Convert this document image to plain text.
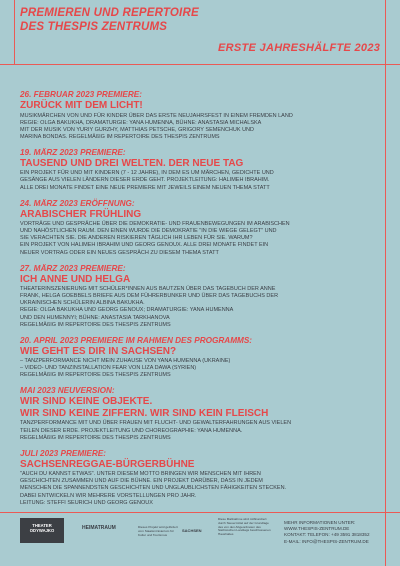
PREMIEREN UND REPERTOIRE

DES THESPIS ZENTRUMS

ERSTE JAHRESHÄLFTE 2023

26. FEBRUAR 2023 PREMIERE:

ZURÜCK MIT DEM LICHT!

MUSIKMÄRCHEN VON UND FÜR KINDER ÜBER DAS ERSTE NEUJAHRSFEST IN EINEM FREMDEN LAND
REGIE: OLGA BAKUKHA, DRAMATURGIE: YANA HUMENNA, BÜHNE: ANASTASIA MICHALSKA
MIT DER MUSIK VON YURIY GURZHY, MATTHIAS PETSCHE, GRIGORY SEMENCHUK UND
MARINA BONDAS. REGELMÄßIG IM REPERTOIRE DES THESPIS ZENTRUMS

19. MÄRZ 2023 PREMIERE:

TAUSEND UND DREI WELTEN. DER NEUE TAG

EIN PROJEKT FÜR UND MIT KINDERN (7 - 12 JAHRE), IN DEM ES UM MÄRCHEN, GEDICHTE UND
GESÄNGE AUS VIELEN LÄNDERN DIESER ERDE GEHT. PROJEKTLEITUNG: HALIMEH IBRAHIM.
ALLE DREI MONATE FINDET EINE NEUE PREMIERE MIT JEWEILS EINEM NEUEN THEMA STATT

24. MÄRZ 2023 ERÖFFNUNG:

ARABISCHER FRÜHLING

VORTRÄGE UND GESPRÄCHE ÜBER DIE DEMOKRATIE- UND FRAUENBEWEGUNGEN IM ARABISCHEN
UND NAHÖSTLICHEN RAUM. DEN EINEN WURDE DIE DEMOKRATIE "IN DIE WIEGE GELEGT" UND
SIE VERACHTEN SIE. DIE ANDEREN RISKIEREN TÄGLICH IHR LEBEN FÜR SIE. WARUM?
EIN PROJEKT VON HALIMEH IBRAHIM UND GEORG GENOUX. ALLE DREI MONATE FINDET EIN
NEUER VORTRAG ODER EIN NEUES GESPRÄCH ZU DIESEM THEMA STATT

27. MÄRZ 2023 PREMIERE:

ICH ANNE UND HELGA

THEATERINSZENIERUNG MIT SCHÜLER*INNEN AUS BAUTZEN ÜBER DAS TAGEBUCH DER ANNE
FRANK, HELGA GOEBBELS BRIEFE AUS DEM FÜHRERBUNKER UND ÜBER DAS TAGEBUCHS DER
UKRAINISCHEN SCHÜLERIN ALBINA BAKUKHA.
REGIE: OLGA BAKUKHA UND GEORG GENOUX; DRAMATURGIE: YANA HUMENNA
UND DEN HUMENNYI; BÜHNE: ANASTASIA TARKHANOVA
REGELMÄßIG IM REPERTOIRE DES THESPIS ZENTRUMS

20. APRIL 2023 PREMIERE IM RAHMEN DES PROGRAMMS:

WIE GEHT ES DIR IN SACHSEN?

– TANZPERFORMANCE NICHT MEIN ZUHAUSE VON YANA HUMENNA (UKRAINE)
– VIDEO- UND TANZINSTALLATION FEAR VON LIZA DAWA (SYRIEN)
REGELMÄßIG IM REPERTOIRE DES THESPIS ZENTRUMS

MAI 2023 NEUVERSION:

WIR SIND KEINE OBJEKTE.

WIR SIND KEINE ZIFFERN. WIR SIND KEIN FLEISCH

TANZPERFORMANCE MIT UND ÜBER FRAUEN MIT FLUCHT- UND GEWALTERFAHRUNGEN AUS VIELEN
TEILEN DIESER ERDE. PROJEKTLEITUNG UND CHOREOGRAPHIE: YANA HUMENNA.
REGELMÄßIG IM REPERTOIRE DES THESPIS ZENTRUMS

JULI 2023 PREMIERE:

SACHSENREGGAE-BÜRGERBÜHNE

"AUCH DU KANNST ETWAS". UNTER DIESEM MOTTO BRINGEN WIR MENSCHEN MIT IHREN
GESCHICHTEN ZUSAMMEN UND AUF DIE BÜHNE. EIN PROJEKT DARÜBER, DASS IN JEDEM
MENSCHEN DIE SPANNENDSTEN GESCHICHTEN UND UNGLAUBLICHSTEN FÄHIGKEITEN STECKEN.
DABEI ENTWICKELN WIR MEHRERE VORSTELLUNGEN PRO JAHR.
LEITUNG: STEFFI SEURICH UND GEORG GENOUX
THEATER ODYWAJKO	HEIMATRAUM	Dieses Projekt wird gefördert vom Staatsministerium für Kultur und Tourismus
SACHSEN
Diese Maßnahme wird mitfinanziert durch Steuermittel auf der Grundlage des von den Abgeordneten des Sächsischen Landtags beschlossenen Haushaltes
MEHR INFORMATIONEN UNTER:
WWW.THESPIS-ZENTRUM.DE
KONTAKT: TELEFON: +49 3591 3818352
E-MAIL: INFO@THESPIS-ZENTRUM.DE
